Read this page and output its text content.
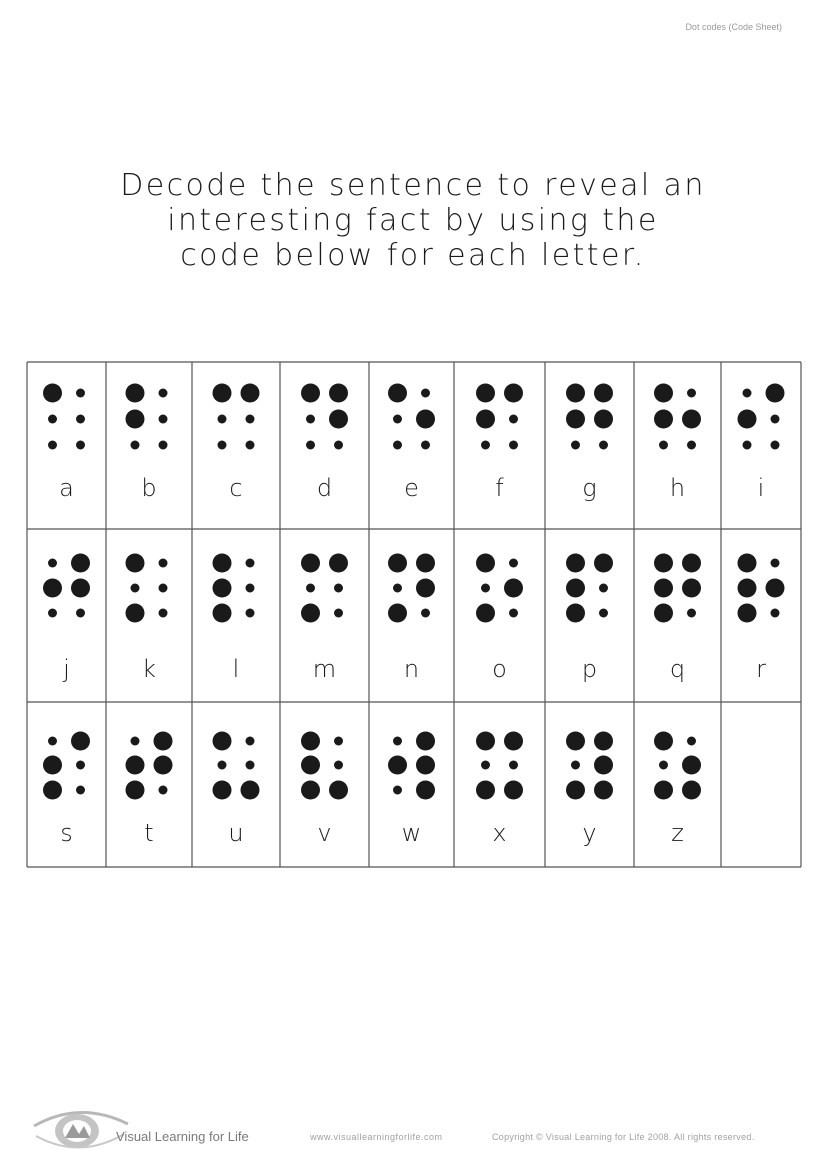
Dot codes (Code Sheet)
Decode the sentence to reveal an
interesting fact by using the
code below for each letter.
a	b	c	d	e	f	g	h	i
j	k	l	m	n	o	p	q	r
s	t	u	v	w	x	y	z
Visual Learning for Life	www.visuallearningforlife.com	Copyright © Visual Learning for Life 2008. All rights reserved.
